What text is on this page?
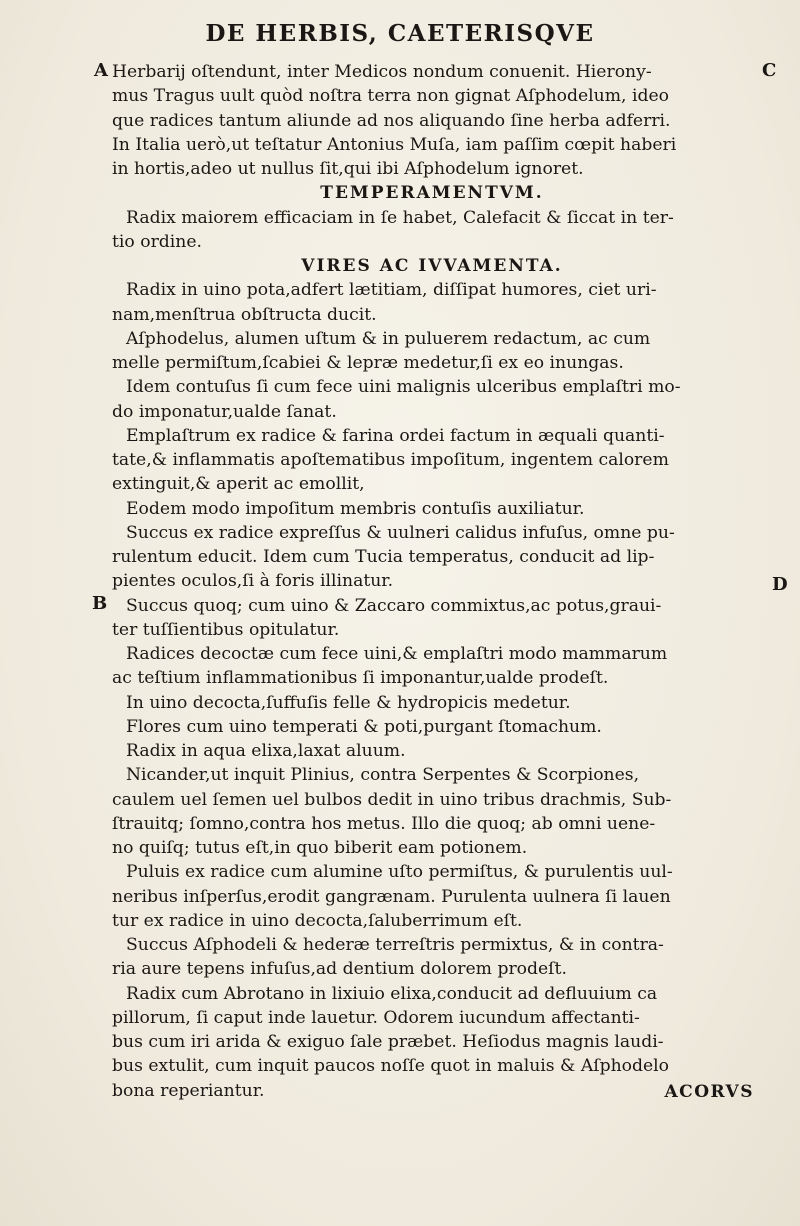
DE HERBIS, CAETERISQVE
A	C
D
B
Herbarij oſtendunt, inter Medicos nondum conuenit. Hierony-
mus Tragus uult quòd noſtra terra non gignat Aſphodelum, ideo
que radices tantum aliunde ad nos aliquando ſine herba adferri.
In Italia uerò,ut teſtatur Antonius Muſa, iam paſſim cœpit haberi
in hortis,adeo ut nullus ſit,qui ibi Aſphodelum ignoret.
TEMPERAMENTVM.
Radix maiorem efficaciam in ſe habet, Calefacit & ſiccat in ter-
tio ordine.
VIRES AC IVVAMENTA.
Radix in uino pota,adfert lætitiam, diſſipat humores, ciet uri-
nam,menſtrua obſtructa ducit.
Aſphodelus, alumen uſtum & in puluerem redactum, ac cum
melle permiſtum,ſcabiei & lepræ medetur,ſi ex eo inungas.
Idem contuſus ſi cum fece uini malignis ulceribus emplaſtri mo-
do imponatur,ualde ſanat.
Emplaſtrum ex radice & farina ordei factum in æquali quanti-
tate,& inflammatis apoſtematibus impoſitum, ingentem calorem
extinguit,& aperit ac emollit,
Eodem modo impoſitum membris contuſis auxiliatur.
Succus ex radice expreſſus & uulneri calidus infuſus, omne pu-
rulentum educit. Idem cum Tucia temperatus, conducit ad lip-
pientes oculos,ſi à foris illinatur.
Succus quoq; cum uino & Zaccaro commixtus,ac potus,graui-
ter tuſſientibus opitulatur.
Radices decoctæ cum fece uini,& emplaſtri modo mammarum
ac teſtium inflammationibus ſi imponantur,ualde prodeſt.
In uino decocta,ſuffuſis felle & hydropicis medetur.
Flores cum uino temperati & poti,purgant ſtomachum.
Radix in aqua elixa,laxat aluum.
Nicander,ut inquit Plinius, contra Serpentes & Scorpiones,
caulem uel ſemen uel bulbos dedit in uino tribus drachmis, Sub-
ſtrauitq; ſomno,contra hos metus. Illo die quoq; ab omni uene-
no quiſq; tutus eſt,in quo biberit eam potionem.
Puluis ex radice cum alumine uſto permiſtus, & purulentis uul-
neribus inſperſus,erodit gangrænam. Purulenta uulnera ſi lauen
tur ex radice in uino decocta,ſaluberrimum eſt.
Succus Aſphodeli & hederæ terreſtris permixtus, & in contra-
ria aure tepens infuſus,ad dentium dolorem prodeſt.
Radix cum Abrotano in lixiuio elixa,conducit ad defluuium ca
pillorum, ſi caput inde lauetur. Odorem iucundum affectanti-
bus cum iri arida & exiguo ſale præbet. Heſiodus magnis laudi-
bus extulit, cum inquit paucos noſſe quot in maluis & Aſphodelo
bona reperiantur.	ACORVS
